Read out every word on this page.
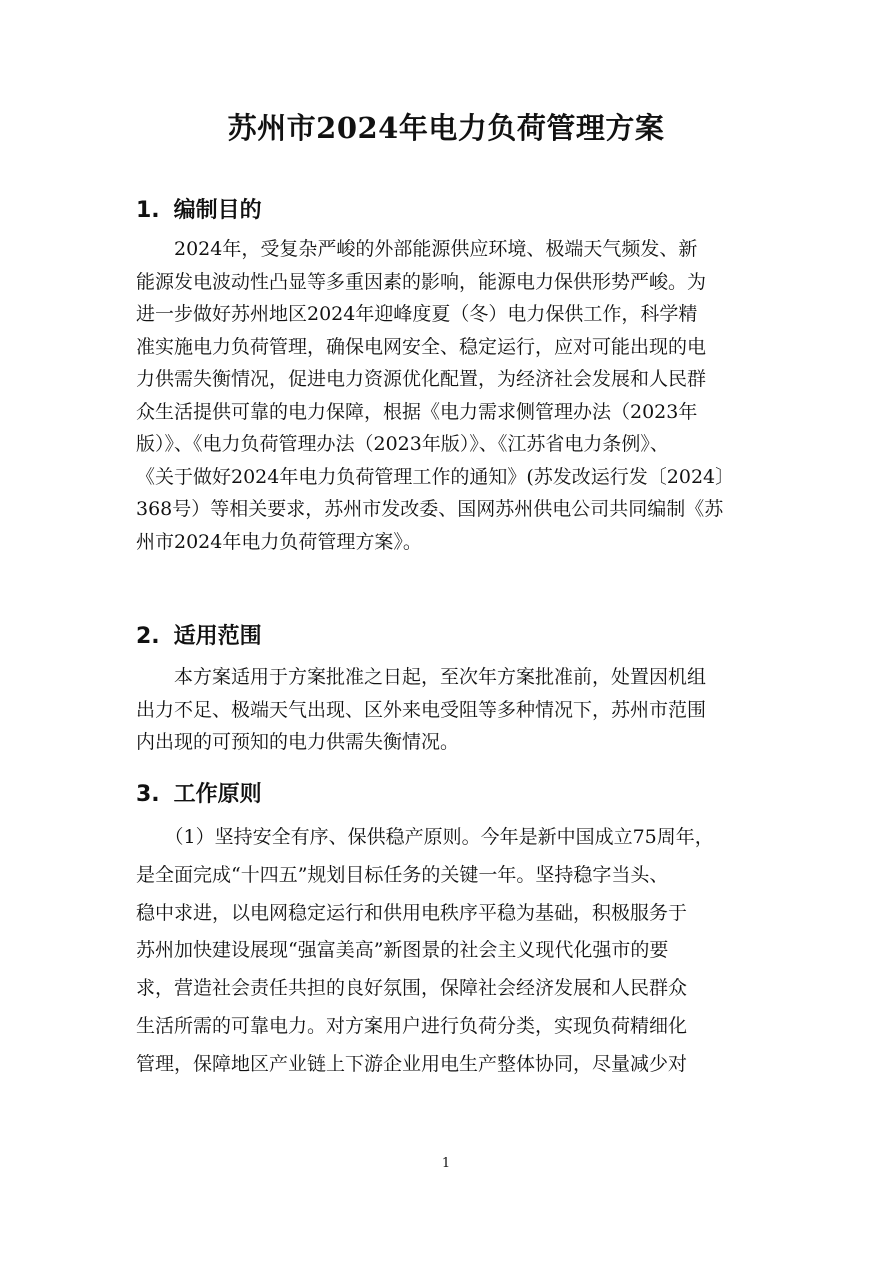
苏州市2024年电力负荷管理方案
1. 编制目的
　　2024年，受复杂严峻的外部能源供应环境、极端天气频发、新
能源发电波动性凸显等多重因素的影响，能源电力保供形势严峻。为
进一步做好苏州地区2024年迎峰度夏（冬）电力保供工作，科学精
准实施电力负荷管理，确保电网安全、稳定运行，应对可能出现的电
力供需失衡情况，促进电力资源优化配置，为经济社会发展和人民群
众生活提供可靠的电力保障，根据《电力需求侧管理办法（2023年
版）》、《电力负荷管理办法（2023年版）》、《江苏省电力条例》、
《关于做好2024年电力负荷管理工作的通知》(苏发改运行发〔2024〕
368号）等相关要求，苏州市发改委、国网苏州供电公司共同编制《苏
州市2024年电力负荷管理方案》。
2. 适用范围
　　本方案适用于方案批准之日起，至次年方案批准前，处置因机组
出力不足、极端天气出现、区外来电受阻等多种情况下，苏州市范围
内出现的可预知的电力供需失衡情况。
3. 工作原则
　　（1）坚持安全有序、保供稳产原则。今年是新中国成立75周年，
是全面完成“十四五”规划目标任务的关键一年。坚持稳字当头、
稳中求进，以电网稳定运行和供用电秩序平稳为基础，积极服务于
苏州加快建设展现“强富美高”新图景的社会主义现代化强市的要
求，营造社会责任共担的良好氛围，保障社会经济发展和人民群众
生活所需的可靠电力。对方案用户进行负荷分类，实现负荷精细化
管理，保障地区产业链上下游企业用电生产整体协同，尽量减少对

1
